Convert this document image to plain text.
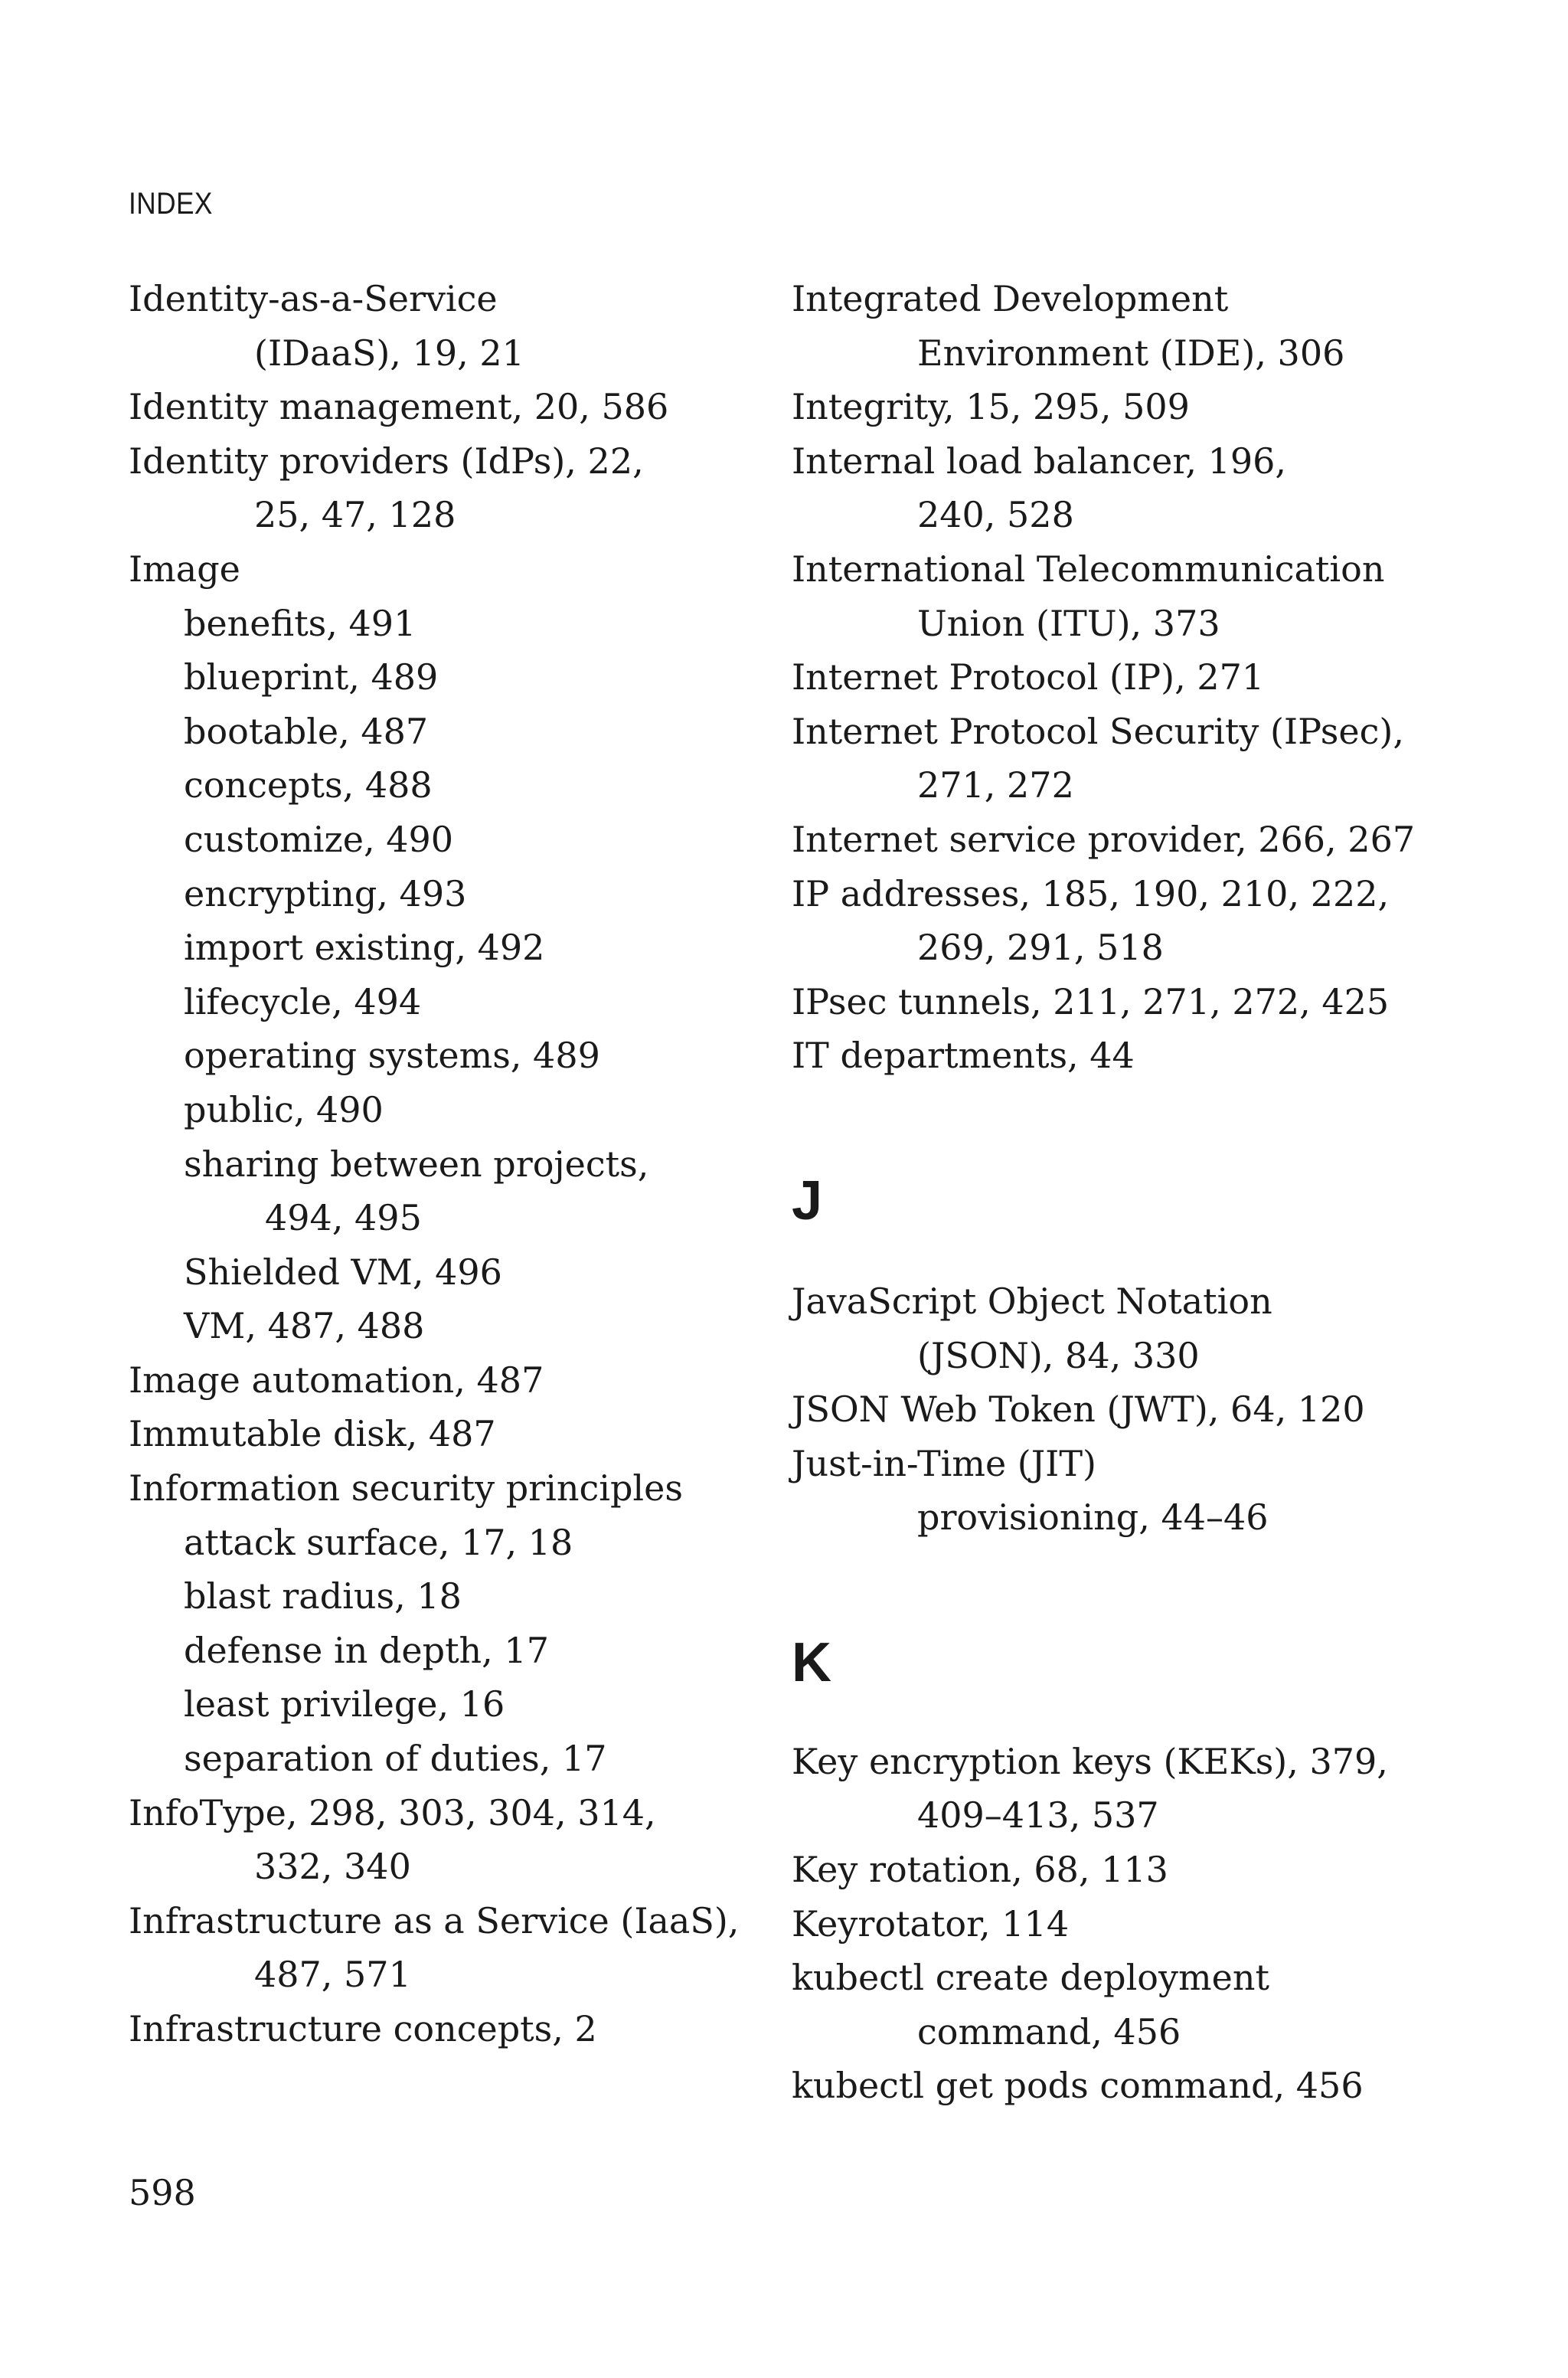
INDEX
Identity-as-a-Service
(IDaaS), 19, 21
Identity management, 20, 586
Identity providers (IdPs), 22,
25, 47, 128
Image
benefits, 491
blueprint, 489
bootable, 487
concepts, 488
customize, 490
encrypting, 493
import existing, 492
lifecycle, 494
operating systems, 489
public, 490
sharing between projects,
494, 495
Shielded VM, 496
VM, 487, 488
Image automation, 487
Immutable disk, 487
Information security principles
attack surface, 17, 18
blast radius, 18
defense in depth, 17
least privilege, 16
separation of duties, 17
InfoType, 298, 303, 304, 314,
332, 340
Infrastructure as a Service (IaaS),
487, 571
Infrastructure concepts, 2
Integrated Development
Environment (IDE), 306
Integrity, 15, 295, 509
Internal load balancer, 196,
240, 528
International Telecommunication
Union (ITU), 373
Internet Protocol (IP), 271
Internet Protocol Security (IPsec),
271, 272
Internet service provider, 266, 267
IP addresses, 185, 190, 210, 222,
269, 291, 518
IPsec tunnels, 211, 271, 272, 425
IT departments, 44
J
JavaScript Object Notation
(JSON), 84, 330
JSON Web Token (JWT), 64, 120
Just-in-Time (JIT)
provisioning, 44–46
K
Key encryption keys (KEKs), 379,
409–413, 537
Key rotation, 68, 113
Keyrotator, 114
kubectl create deployment
command, 456
kubectl get pods command, 456

598
